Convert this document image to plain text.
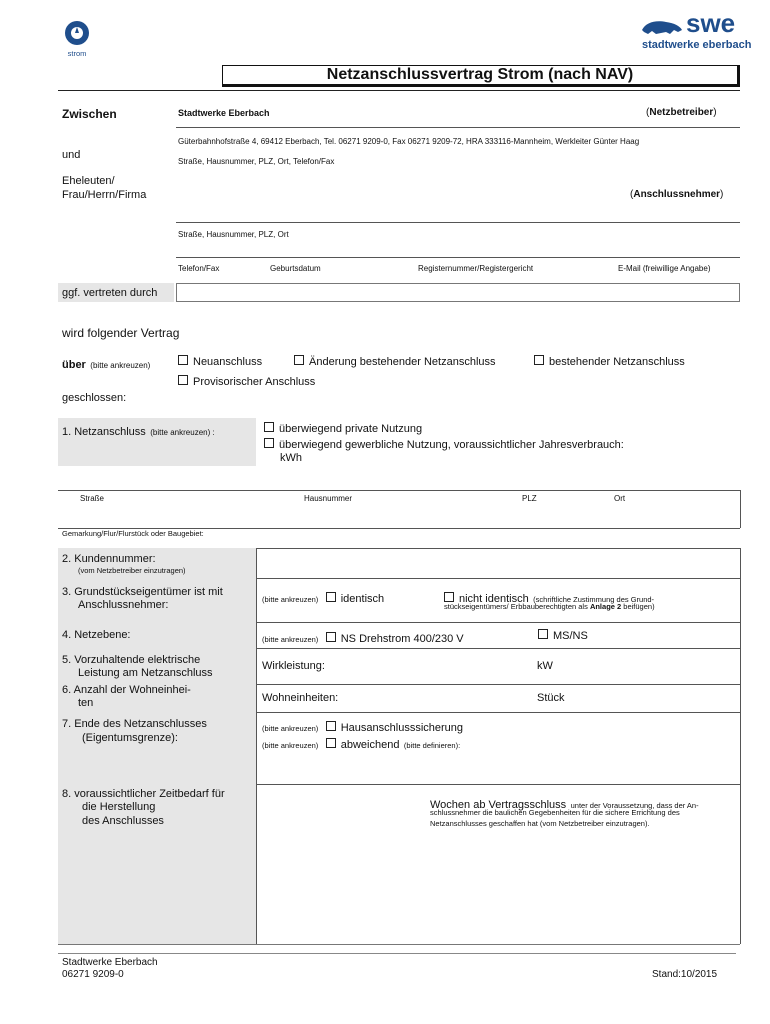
strom
swe
stadtwerke eberbach
Netzanschlussvertrag Strom (nach NAV)
Zwischen	Stadtwerke Eberbach	(Netzbetreiber)
Güterbahnhofstraße 4, 69412 Eberbach, Tel. 06271 9209-0, Fax 06271 9209-72, HRA 333116-Mannheim, Werkleiter Günter Haag
und
Straße, Hausnummer, PLZ, Ort, Telefon/Fax
Eheleuten/
Frau/Herrn/Firma	(Anschlussnehmer)
Straße, Hausnummer, PLZ, Ort
Telefon/Fax	Geburtsdatum	Registernummer/Registergericht	E-Mail (freiwillige Angabe)
ggf. vertreten durch
wird folgender Vertrag
über (bitte ankreuzen)	Neuanschluss	Änderung bestehender Netzanschluss	bestehender Netzanschluss
Provisorischer Anschluss
geschlossen:
1. Netzanschluss (bitte ankreuzen) :	überwiegend private Nutzung
überwiegend gewerbliche Nutzung, voraussichtlicher Jahresverbrauch:
kWh
Straße	Hausnummer	PLZ	Ort
Gemarkung/Flur/Flurstück oder Baugebiet:
2. Kundennummer:
(vom Netzbetreiber einzutragen)
3. Grundstückseigentümer ist mit
Anschlussnehmer:	(bitte ankreuzen) identisch	nicht identisch (schriftliche Zustimmung des Grund-
stückseigentümers/ Erbbauberechtigten als Anlage 2 beifügen)
4. Netzebene:	(bitte ankreuzen) NS Drehstrom 400/230 V	MS/NS
5. Vorzuhaltende elektrische
Leistung am Netzanschluss
Wirkleistung:	kW
6. Anzahl der Wohneinhei-
ten	Wohneinheiten:	Stück
7. Ende des Netzanschlusses
(Eigentumsgrenze):
(bitte ankreuzen) Hausanschlusssicherung
(bitte ankreuzen) abweichend (bitte definieren):
8. voraussichtlicher Zeitbedarf für
die Herstellung
des Anschlusses
Wochen ab Vertragsschluss unter der Voraussetzung, dass der An-
schlussnehmer die baulichen Gegebenheiten für die sichere Errichtung des
Netzanschlusses geschaffen hat (vom Netzbetreiber einzutragen).
Stadtwerke Eberbach
06271 9209-0	Stand:10/2015
